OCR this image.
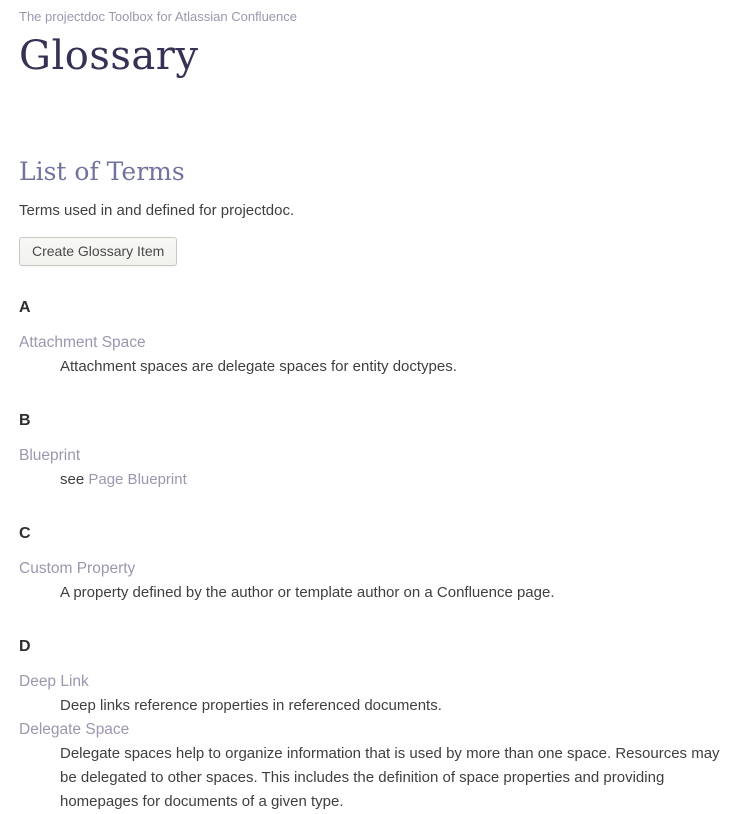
The projectdoc Toolbox for Atlassian Confluence
Glossary
List of Terms

Terms used in and defined for projectdoc.

Create Glossary Item
A
Attachment Space
Attachment spaces are delegate spaces for entity doctypes.
B
Blueprint
see Page Blueprint
C
Custom Property
A property defined by the author or template author on a Confluence page.
D
Deep Link
Deep links reference properties in referenced documents.
Delegate Space
Delegate spaces help to organize information that is used by more than one space. Resources may be delegated to other spaces. This includes the definition of space properties and providing homepages for documents of a given type.
